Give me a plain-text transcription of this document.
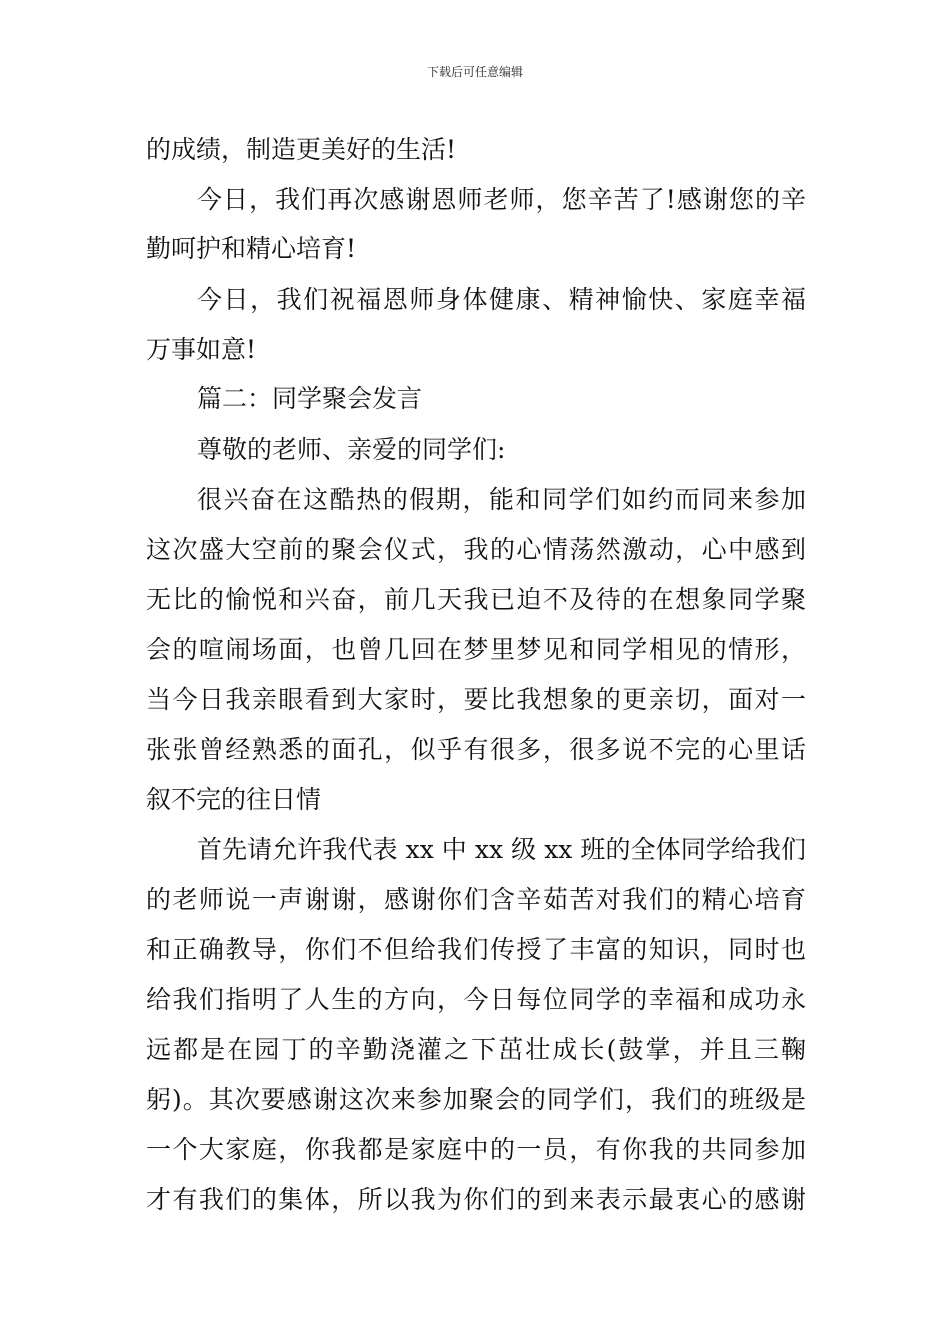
下载后可任意编辑
的成绩，制造更美好的生活!
今日，我们再次感谢恩师老师，您辛苦了!感谢您的辛
勤呵护和精心培育!
今日，我们祝福恩师身体健康、精神愉快、家庭幸福
万事如意!
篇二：同学聚会发言
尊敬的老师、亲爱的同学们:
很兴奋在这酷热的假期，能和同学们如约而同来参加
这次盛大空前的聚会仪式，我的心情荡然激动，心中感到
无比的愉悦和兴奋，前几天我已迫不及待的在想象同学聚
会的喧闹场面，也曾几回在梦里梦见和同学相见的情形，
当今日我亲眼看到大家时，要比我想象的更亲切，面对一
张张曾经熟悉的面孔，似乎有很多，很多说不完的心里话
叙不完的往日情
首先请允许我代表 xx 中 xx 级 xx 班的全体同学给我们
的老师说一声谢谢，感谢你们含辛茹苦对我们的精心培育
和正确教导，你们不但给我们传授了丰富的知识，同时也
给我们指明了人生的方向，今日每位同学的幸福和成功永
远都是在园丁的辛勤浇灌之下茁壮成长(鼓掌，并且三鞠
躬)。其次要感谢这次来参加聚会的同学们，我们的班级是
一个大家庭，你我都是家庭中的一员，有你我的共同参加
才有我们的集体，所以我为你们的到来表示最衷心的感谢
